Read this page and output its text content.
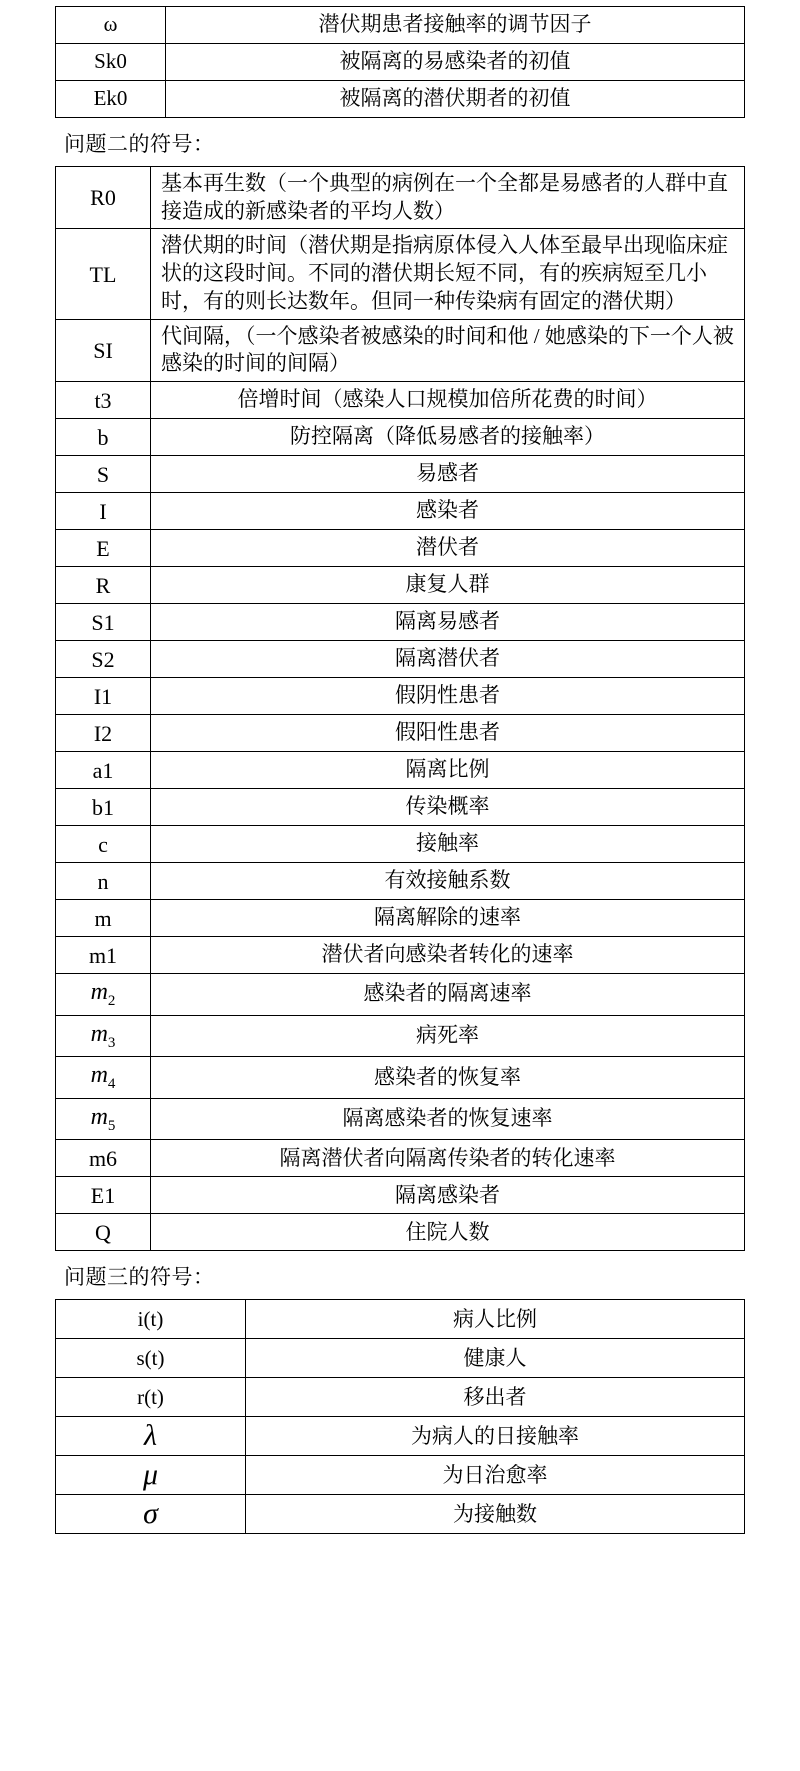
ω	潜伏期患者接触率的调节因子
Sk0	被隔离的易感染者的初值
Ek0	被隔离的潜伏期者的初值
问题二的符号：
R0	基本再生数（一个典型的病例在一个全都是易感者的人群中直接造成的新感染者的平均人数）
TL	潜伏期的时间（潜伏期是指病原体侵入人体至最早出现临床症状的这段时间。不同的潜伏期长短不同，有的疾病短至几小时，有的则长达数年。但同一种传染病有固定的潜伏期）
SI	代间隔，（一个感染者被感染的时间和他 / 她感染的下一个人被感染的时间的间隔）
t3	倍增时间（感染人口规模加倍所花费的时间）
b	防控隔离（降低易感者的接触率）
S	易感者
I	感染者
E	潜伏者
R	康复人群
S1	隔离易感者
S2	隔离潜伏者
I1	假阴性患者
I2	假阳性患者
a1	隔离比例
b1	传染概率
c	接触率
n	有效接触系数
m	隔离解除的速率
m1	潜伏者向感染者转化的速率
$m_2$	感染者的隔离速率
$m_3$	病死率
$m_4$	感染者的恢复率
$m_5$	隔离感染者的恢复速率
m6	隔离潜伏者向隔离传染者的转化速率
E1	隔离感染者
Q	住院人数
问题三的符号：
i(t)	病人比例
s(t)	健康人
r(t)	移出者
λ	为病人的日接触率
μ	为日治愈率
σ	为接触数
